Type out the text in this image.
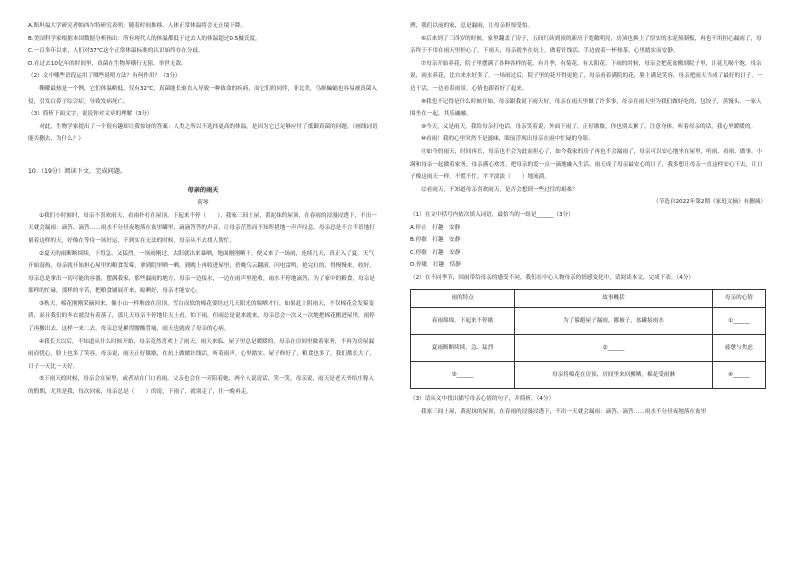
A.斯坦福大学研究者帕西尔特研究表明：随着时间推移，人体正常体温将会无止境下降。

B.美国科学家根据本国数据分析指出：所有现代人的体温都低于过去人的体温超过0.5摄氏度。

C.一百多年以来，人们对37℃这个正常体温标准的认识始终存在分歧。

D.在过去10亿年的时间里，真菌在生物界横行无阻，举世无敌。

（2）文中哪些语段运用了哪些说明方法？有何作用？（3分）

　　鞠曜最热是一个例，它们体温略低，仅有32℃，真菌能长驱直入导致一种致命的疾病，而它们的同伴，非北美，乌帜蝙蝠也容易被真菌入侵，引发白鼻子综合症，导致发病死亡。

（3）简析下面文字，说说你对文章的理解（3分）

　　对此，生物学家提出了一个很有趣却让我惊讶的答案：人类之所以不选择更高的体温，是因为它已足够应付了抵御真菌的问题。（画线词语能否删去，为什么？）

10.（19分）阅读下文，完成问题。

母亲的雨天

荷琴

①我们小时候时，母亲不喜欢雨天，看雨扑打在屋顶，下起来不停（　　），我家三间土屋，黄泥抹的屋顶，在春雨的浸漫浸透下，不出一天就会漏雨：滴答、滴答……雨水不分昼夜地落在盆里罐里，滴滴答答的声音，让母亲茫然而不知所措地一声声叹息。母亲总是不言不语地打量着这样的天，好像在等待一场好运，不到实在无法的时候，母亲从不去找人帮忙。

②夏天的雨断断续续，下得急，又猛烈，一场雨刚过，太阳就出来暴晒，地面刚刚晒干，便又来了一场雨，连续几天，真正入了夏。天气开始湿热，母亲就开始担心屋里的粮食发霉，拿到院里晒一晒，到晚上再收进屋里，傍晚乌云翻滚，闪电雷鸣，抢完打的，得慢慢来，收好，母亲总是拿出一切可能的容器，摆满我家，那些漏雨的地方，母亲一边接水，一边在雨声里抢收，雨水不停地滴答，为了家中的粮食，母亲是那样的忙碌，那样的辛苦，把粮食铺展开来，晾晒好，母亲才能安心。

③秋天，棉花刚刚采摘回来，像小山一样堆放在房顶，雪白而软的棉花要经过几天阳光的晾晒才行，如果赶上阴雨天，不仅棉花会发霉变质，而且我们的冬衣就没有着落了，那几天母亲不停地往天上看，怕下雨，但雨总是说来就来，母亲总会一次又一次地把棉花搬进屋里，雨停了再搬出去，这样一来二去，母亲总是累得腰酸背痛，雨天也就成了母亲的心病。

④我长大以后，不知道从什么时候开始，母亲竟然喜欢上了雨天，雨天来临，屋子里总是暖暖的。母亲在房间里做着家务，不再为房屋漏雨而忧心，脸上也多了笑容，母亲说，雨天正好歇歇，在炕上做做针线活，听着雨声，心里踏实。屋子修好了，粮食也多了，我们都长大了，日子一天比一天好。

⑤下雨天的时候，母亲会在屋里，或者站在门口看雨。父亲也会在一旁陪着她，两个人说说话，笑一笑，母亲说，雨天是老天爷给庄稼人的假期，尤其是我，每次回家，母亲总是（　　）的说，下雨了，就别走了，住一晚再走。

例，我们以前的家，总是漏雨，让母亲担惊受怕。

⑥后来到了三四岁的时候，家里翻盖了房子，五间红砖到顶的新房子宽敞明亮，房顶也换上了厚实的水泥预制板，再也不用担心漏雨了，母亲终于不用在雨天里担心了。下雨天，母亲就坐在炕上，做着针线活，手边放着一杯热茶，心里踏实而安静。

⑦母亲开始养花，院子里摆满了各种各样的花，有月季、有菊花、有太阳花。下雨的时候，母亲会把花盆搬到院子里，让花儿喝个饱，母亲说，雨水养花，比自来水好多了。一场雨过后，院子里的花开得更艳了，母亲看着满院的花，脸上满是笑容。母亲把雨天当成了最好的日子，一边干活，一边看着雨景，心情也跟着好了起来。

⑧我也不记得是什么时候开始，母亲跟我说下雨天好，母亲在雨天里做了许多事，母亲在雨天里为我们做好吃的，包饺子，蒸馒头，一家人围坐在一起，其乐融融。

⑨今天，又是雨天，我给母亲打电话，母亲笑着说，外面下雨了，正好歇歇，你也别太累了，注意身体。听着母亲的话，我心里暖暖的。

⑩看雨！我的心里突然不是滋味，眼前浮现出母亲在雨中忙碌的身影。

⑪如今的雨天，时间再长，母亲也不会为此而担心了，如今我家的房子再也不会漏雨了，母亲可以安心地坐在屋里，听雨、看雨、做事，小满和母亲一起做着家务，母亲满心欢喜，把母亲的爱一点一滴地融入生活，雨天成了母亲最安心的日子，我多想让母亲一直这样安心下去，让日子像这雨天一样，不慌不忙，平平淡淡（　　）地流淌。

⑫看雨天，不知道母亲喜欢雨天，是否会想到一些过往的艰难？

（节选自2022年第2期《家庭文摘》有删减）

（1）在文中括号内依次填入词语，最恰当的一组是______（3分）

A.停止　打趣　安静

B.停歇　打趣　安静

C.停歇　打趣　安静

D.停歇　打趣　恬静

（2）在不同季节，因雨带给母亲的感受不同，我们在中心人物母亲的情感变化中，请阅读本文，完成下表。（4分）

雨的特点	故事概括	母亲的心情
春雨绵绵，下起来不停歇	为了躲避屋子漏雨，挪被子，盆罐接雨水	①______
夏雨断断续续，急、猛烈	②______	疲惫与焦虑
③______	母亲将棉花在房顶、房间里来回搬晒，棉花受雨淋	④______

（3）请从文中找出描写母亲心情的句子，并简析。（4分）

我家三间土屋，黄泥抹的屋顶，在春雨的浸漫浸透下，不出一天就会漏雨：滴答、滴答……雨水不分昼夜地落在盆里
